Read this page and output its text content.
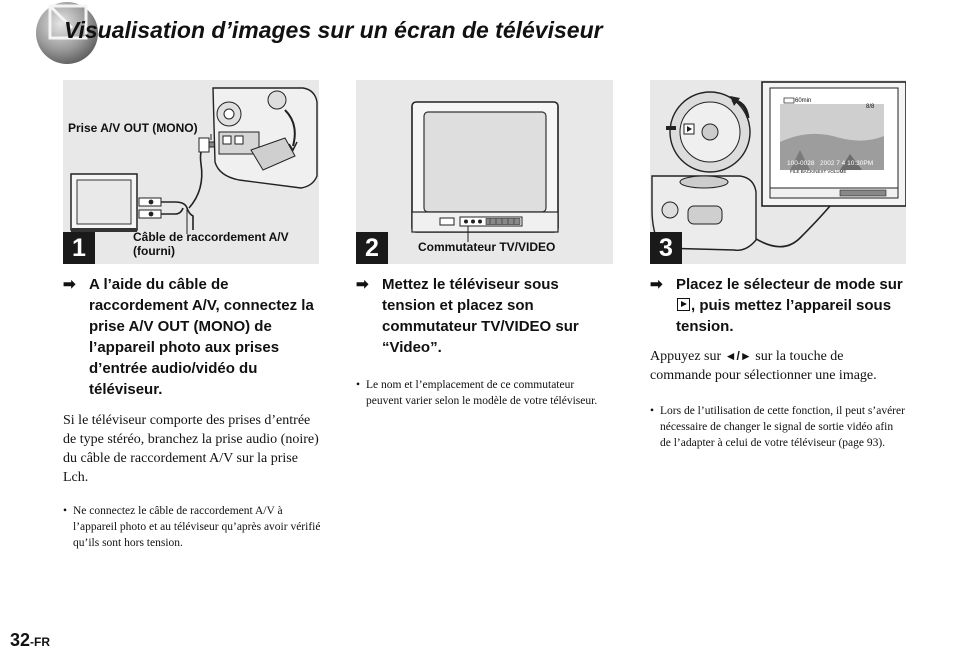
Visualisation d’images sur un écran de téléviseur
Prise A/V OUT (MONO)
Câble de raccordement A/V (fourni)
1	Commutateur TV/VIDEO
2
60min
8/8
100-0028 2002 7 4 10:30PM
FILE BACK/NEXT VOLUME
3
➡ A l’aide du câble de raccordement A/V, connectez la prise A/V OUT (MONO) de l’appareil photo aux prises d’entrée audio/vidéo du téléviseur.
Si le téléviseur comporte des prises d’entrée de type stéréo, branchez la prise audio (noire) du câble de raccordement A/V sur la prise Lch.
• Ne connectez le câble de raccordement A/V à l’appareil photo et au téléviseur qu’après avoir vérifié qu’ils sont hors tension.
➡ Mettez le téléviseur sous tension et placez son commutateur TV/VIDEO sur “Video”.
• Le nom et l’emplacement de ce commutateur peuvent varier selon le modèle de votre téléviseur.
➡ Placez le sélecteur de mode sur , puis mettez l’appareil sous tension.
Appuyez sur ◄/► sur la touche de commande pour sélectionner une image.
• Lors de l’utilisation de cette fonction, il peut s’avérer nécessaire de changer le signal de sortie vidéo afin de l’adapter à celui de votre téléviseur (page 93).
32-FR
